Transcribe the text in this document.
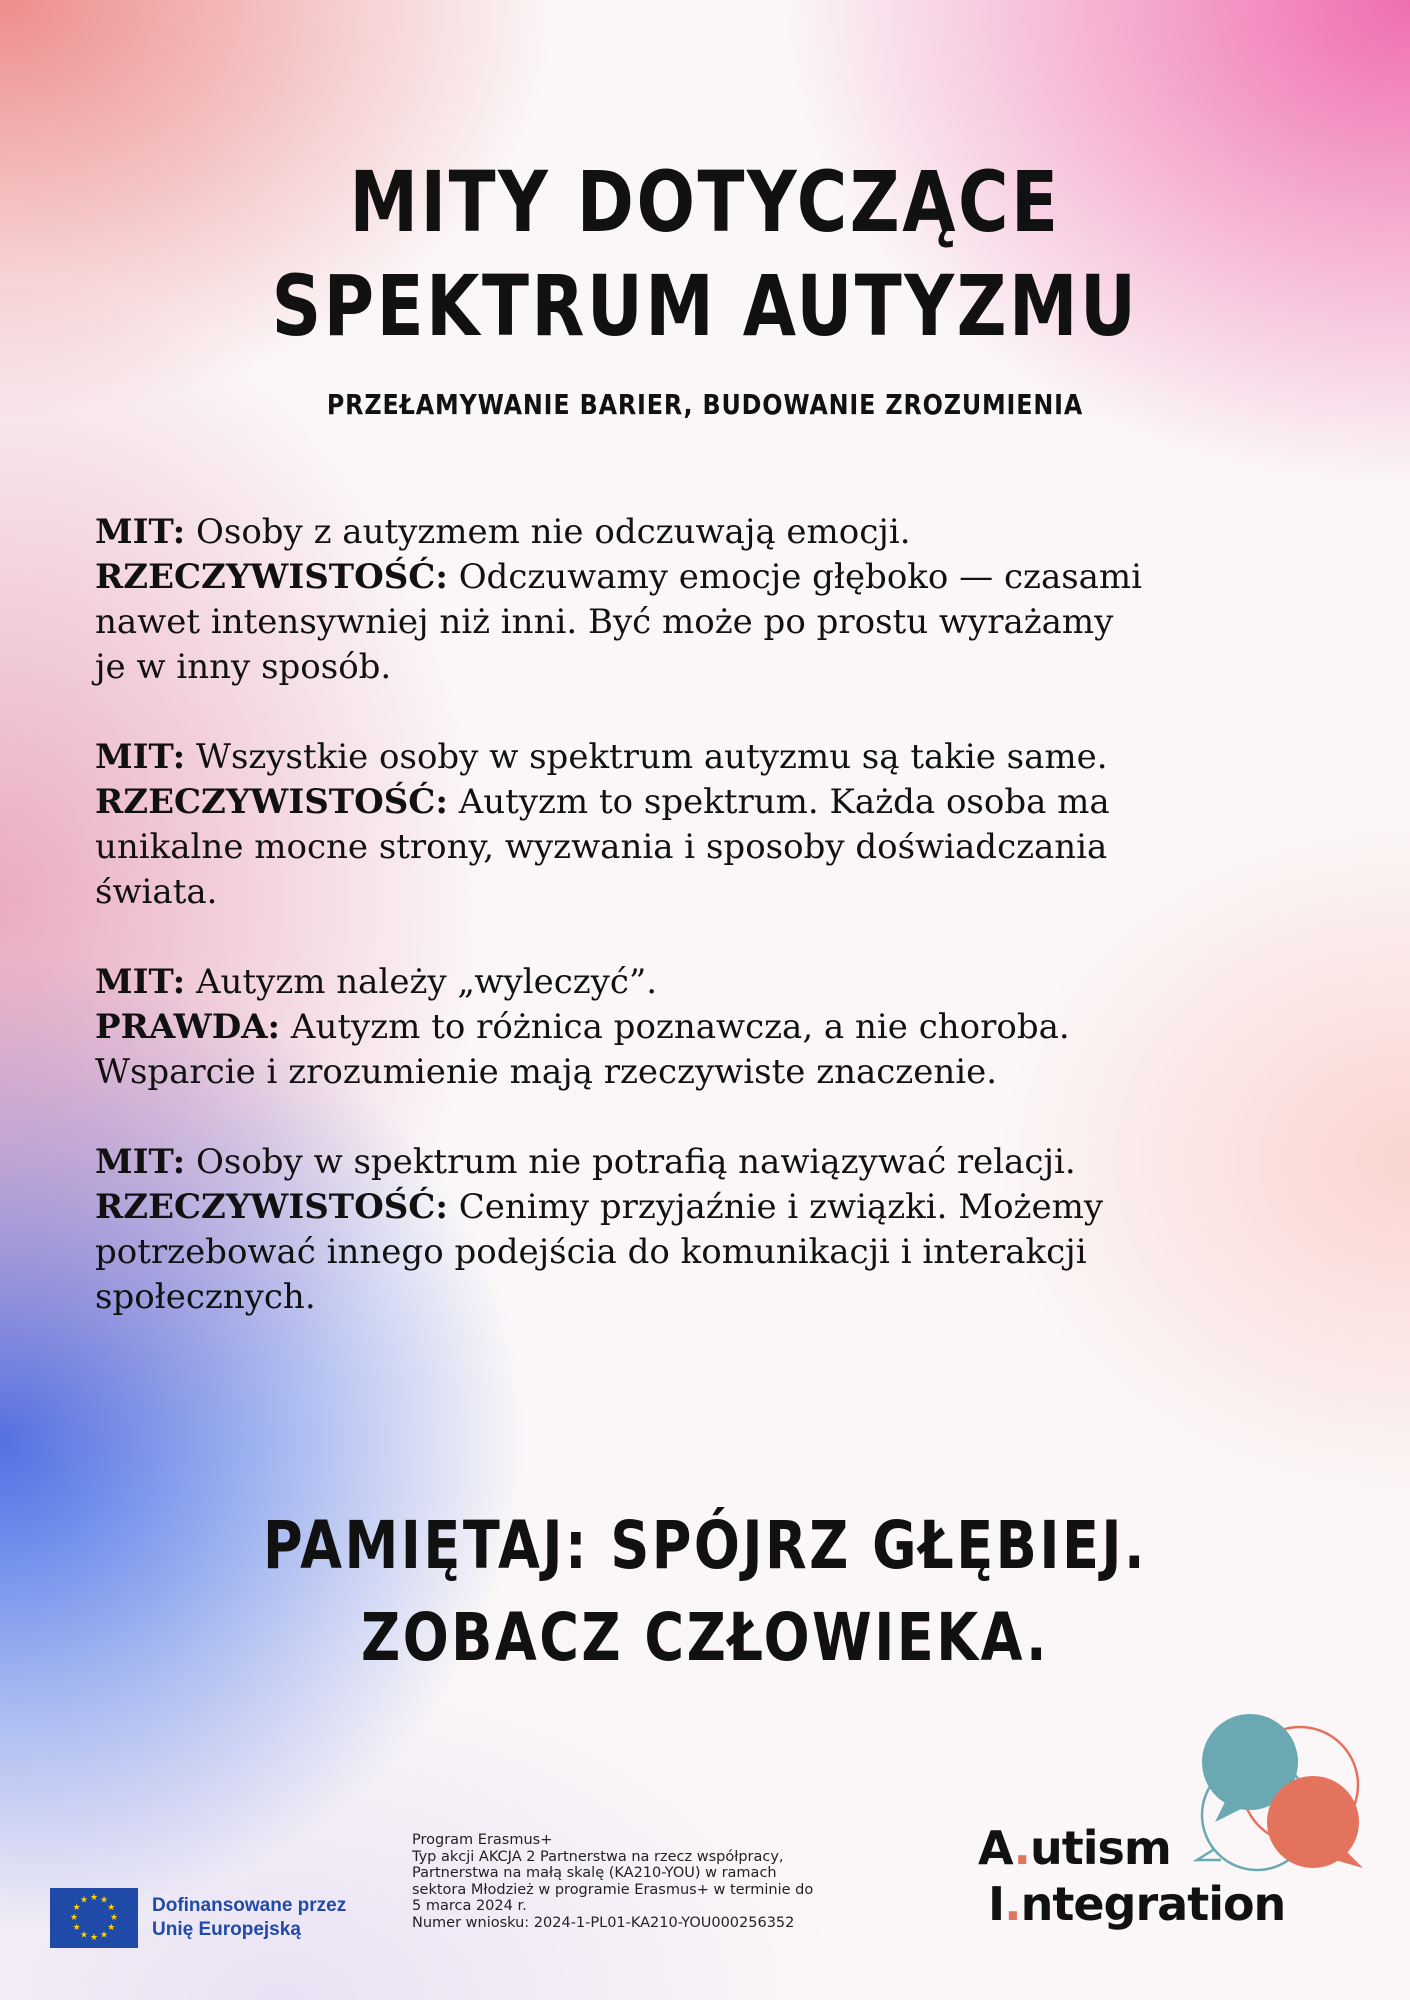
MITY DOTYCZĄCE
SPEKTRUM AUTYZMU
PRZEŁAMYWANIE BARIER, BUDOWANIE ZROZUMIENIA
MIT: Osoby z autyzmem nie odczuwają emocji.
RZECZYWISTOŚĆ: Odczuwamy emocje głęboko — czasami
nawet intensywniej niż inni. Być może po prostu wyrażamy
je w inny sposób.
MIT: Wszystkie osoby w spektrum autyzmu są takie same.
RZECZYWISTOŚĆ: Autyzm to spektrum. Każda osoba ma
unikalne mocne strony, wyzwania i sposoby doświadczania
świata.
MIT: Autyzm należy „wyleczyć”.
PRAWDA: Autyzm to różnica poznawcza, a nie choroba.
Wsparcie i zrozumienie mają rzeczywiste znaczenie.
MIT: Osoby w spektrum nie potrafią nawiązywać relacji.
RZECZYWISTOŚĆ: Cenimy przyjaźnie i związki. Możemy
potrzebować innego podejścia do komunikacji i interakcji
społecznych.
PAMIĘTAJ: SPÓJRZ GŁĘBIEJ.
ZOBACZ CZŁOWIEKA.
★ ★
★
★
★
★
★
★
★
★
★
★	Dofinansowane przez
Unię Europejską
Program Erasmus+
Typ akcji AKCJA 2 Partnerstwa na rzecz współpracy,
Partnerstwa na małą skalę (KA210-YOU) w ramach
sektora Młodzież w programie Erasmus+ w terminie do
5 marca 2024 r.
Numer wniosku: 2024-1-PL01-KA210-YOU000256352
A.utism
I.ntegration
